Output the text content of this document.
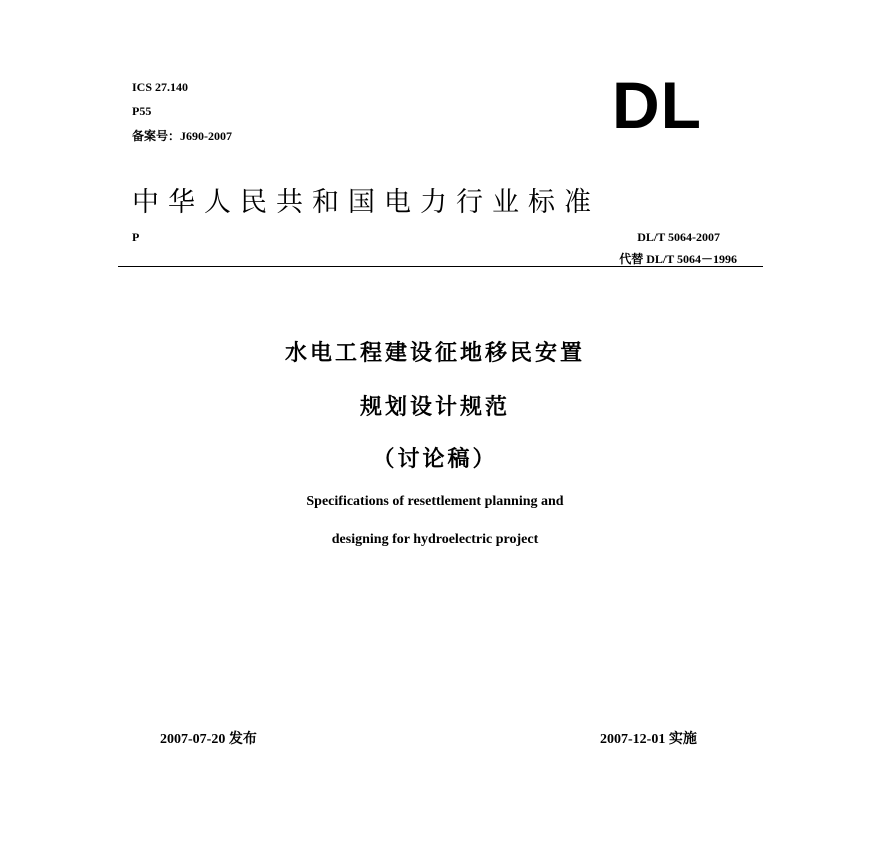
ICS 27.140
P55
备案号：J690-2007	DL
中华人民共和国电力行业标准
P	DL/T 5064-2007
代替 DL/T 5064－1996
水电工程建设征地移民安置
规划设计规范
（讨论稿）
Specifications of resettlement planning and
designing for hydroelectric project
2007-07-20 发布	2007-12-01 实施
